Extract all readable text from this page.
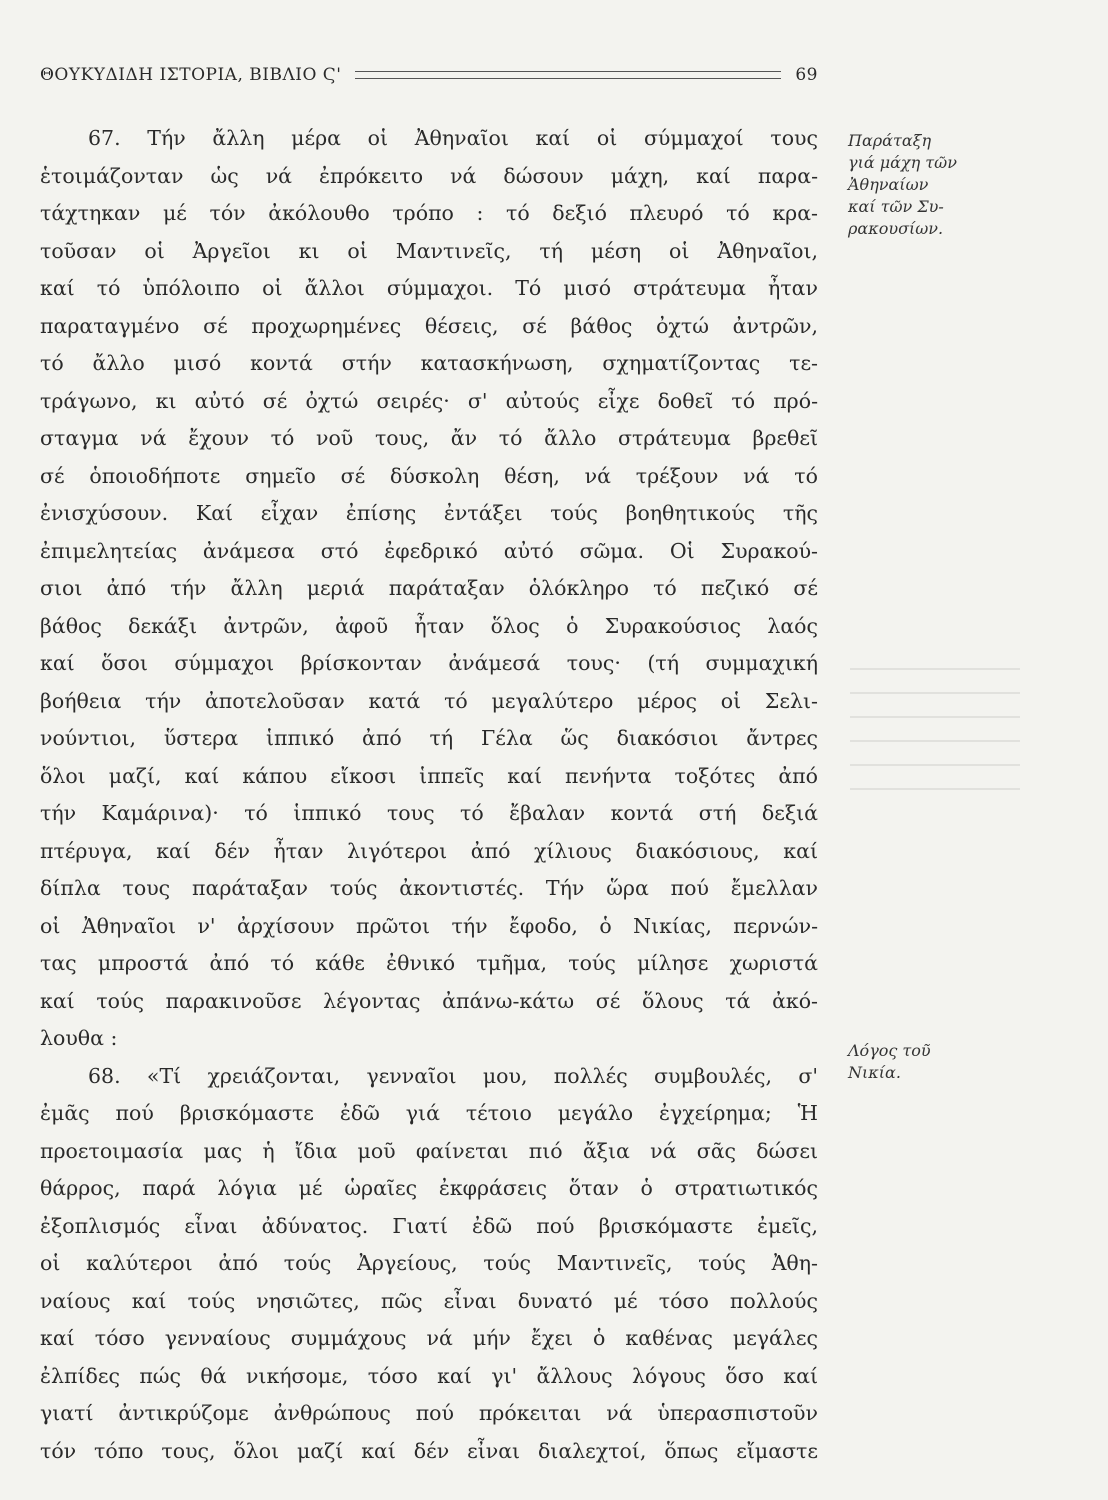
ΘΟΥΚΥΔΙΔΗ ΙΣΤΟΡΙΑ, ΒΙΒΛΙΟ Ϛ'	69
67. Τήν ἄλλη μέρα οἱ Ἀθηναῖοι καί οἱ σύμμαχοί τους
ἑτοιμάζονταν ὡς νά ἐπρόκειτο νά δώσουν μάχη, καί παρα-
τάχτηκαν μέ τόν ἀκόλουθο τρόπο : τό δεξιό πλευρό τό κρα-
τοῦσαν οἱ Ἀργεῖοι κι οἱ Μαντινεῖς, τή μέση οἱ Ἀθηναῖοι,
καί τό ὑπόλοιπο οἱ ἄλλοι σύμμαχοι. Τό μισό στράτευμα ἦταν
παραταγμένο σέ προχωρημένες θέσεις, σέ βάθος ὀχτώ ἀντρῶν,
τό ἄλλο μισό κοντά στήν κατασκήνωση, σχηματίζοντας τε-
τράγωνο, κι αὐτό σέ ὀχτώ σειρές· σ' αὐτούς εἶχε δοθεῖ τό πρό-
σταγμα νά ἔχουν τό νοῦ τους, ἄν τό ἄλλο στράτευμα βρεθεῖ
σέ ὁποιοδήποτε σημεῖο σέ δύσκολη θέση, νά τρέξουν νά τό
ἐνισχύσουν. Καί εἶχαν ἐπίσης ἐντάξει τούς βοηθητικούς τῆς
ἐπιμελητείας ἀνάμεσα στό ἐφεδρικό αὐτό σῶμα. Οἱ Συρακού-
σιοι ἀπό τήν ἄλλη μεριά παράταξαν ὁλόκληρο τό πεζικό σέ
βάθος δεκάξι ἀντρῶν, ἀφοῦ ἦταν ὅλος ὁ Συρακούσιος λαός
καί ὅσοι σύμμαχοι βρίσκονταν ἀνάμεσά τους· (τή συμμαχική
βοήθεια τήν ἀποτελοῦσαν κατά τό μεγαλύτερο μέρος οἱ Σελι-
νούντιοι, ὕστερα ἱππικό ἀπό τή Γέλα ὥς διακόσιοι ἄντρες
ὅλοι μαζί, καί κάπου εἴκοσι ἱππεῖς καί πενήντα τοξότες ἀπό
τήν Καμάρινα)· τό ἱππικό τους τό ἔβαλαν κοντά στή δεξιά
πτέρυγα, καί δέν ἦταν λιγότεροι ἀπό χίλιους διακόσιους, καί
δίπλα τους παράταξαν τούς ἀκοντιστές. Τήν ὥρα πού ἔμελλαν
οἱ Ἀθηναῖοι ν' ἀρχίσουν πρῶτοι τήν ἔφοδο, ὁ Νικίας, περνών-
τας μπροστά ἀπό τό κάθε ἐθνικό τμῆμα, τούς μίλησε χωριστά
καί τούς παρακινοῦσε λέγοντας ἀπάνω-κάτω σέ ὅλους τά ἀκό-
λουθα :
68. «Τί χρειάζονται, γενναῖοι μου, πολλές συμβουλές, σ'
ἐμᾶς πού βρισκόμαστε ἐδῶ γιά τέτοιο μεγάλο ἐγχείρημα; Ἡ
προετοιμασία μας ἡ ἴδια μοῦ φαίνεται πιό ἄξια νά σᾶς δώσει
θάρρος, παρά λόγια μέ ὡραῖες ἐκφράσεις ὅταν ὁ στρατιωτικός
ἐξοπλισμός εἶναι ἀδύνατος. Γιατί ἐδῶ πού βρισκόμαστε ἐμεῖς,
οἱ καλύτεροι ἀπό τούς Ἀργείους, τούς Μαντινεῖς, τούς Ἀθη-
ναίους καί τούς νησιῶτες, πῶς εἶναι δυνατό μέ τόσο πολλούς
καί τόσο γενναίους συμμάχους νά μήν ἔχει ὁ καθένας μεγάλες
ἐλπίδες πώς θά νικήσομε, τόσο καί γι' ἄλλους λόγους ὅσο καί
γιατί ἀντικρύζομε ἀνθρώπους πού πρόκειται νά ὑπερασπιστοῦν
τόν τόπο τους, ὅλοι μαζί καί δέν εἶναι διαλεχτοί, ὅπως εἴμαστε
Παράταξη
γιά μάχη τῶν
Ἀθηναίων
καί τῶν Συ-
ρακουσίων.
Λόγος τοῦ
Νικία.
